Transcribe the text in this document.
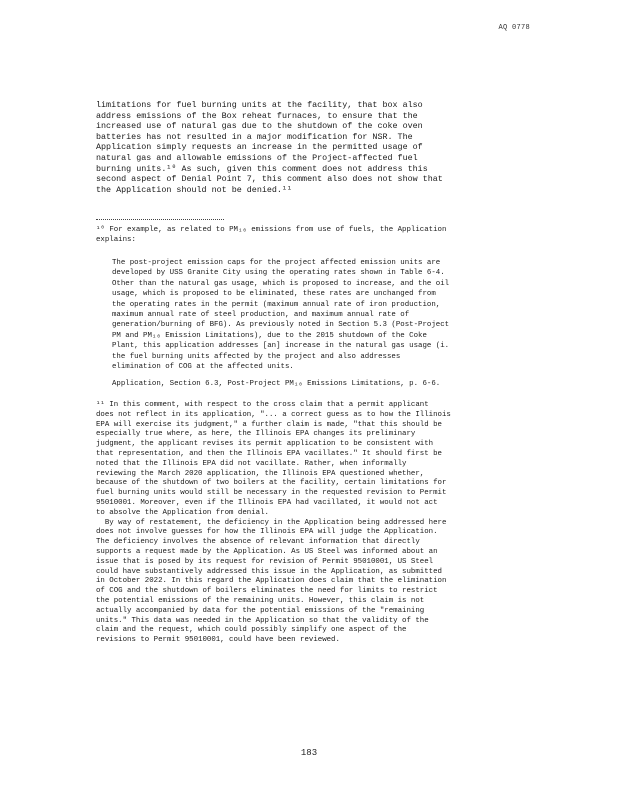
AQ 0778

limitations for fuel burning units at the facility, that box also
address emissions of the Box reheat furnaces, to ensure that the
increased use of natural gas due to the shutdown of the coke oven
batteries has not resulted in a major modification for NSR. The
Application simply requests an increase in the permitted usage of
natural gas and allowable emissions of the Project-affected fuel
burning units.¹⁰ As such, given this comment does not address this
second aspect of Denial Point 7, this comment also does not show that
the Application should not be denied.¹¹

¹⁰ For example, as related to PM₁₀ emissions from use of fuels, the Application
explains:

The post-project emission caps for the project affected emission units are
developed by USS Granite City using the operating rates shown in Table 6-4.
Other than the natural gas usage, which is proposed to increase, and the oil
usage, which is proposed to be eliminated, these rates are unchanged from
the operating rates in the permit (maximum annual rate of iron production,
maximum annual rate of steel production, and maximum annual rate of
generation/burning of BFG). As previously noted in Section 5.3 (Post-Project
PM and PM₁₀ Emission Limitations), due to the 2015 shutdown of the Coke
Plant, this application addresses [an] increase in the natural gas usage (i.
the fuel burning units affected by the project and also addresses
elimination of COG at the affected units.

Application, Section 6.3, Post-Project PM₁₀ Emissions Limitations, p. 6-6.

¹¹ In this comment, with respect to the cross claim that a permit applicant
does not reflect in its application, "... a correct guess as to how the Illinois
EPA will exercise its judgment," a further claim is made, "that this should be
especially true where, as here, the Illinois EPA changes its preliminary
judgment, the applicant revises its permit application to be consistent with
that representation, and then the Illinois EPA vacillates." It should first be
noted that the Illinois EPA did not vacillate. Rather, when informally
reviewing the March 2020 application, the Illinois EPA questioned whether,
because of the shutdown of two boilers at the facility, certain limitations for
fuel burning units would still be necessary in the requested revision to Permit
95010001. Moreover, even if the Illinois EPA had vacillated, it would not act
to absolve the Application from denial.
By way of restatement, the deficiency in the Application being addressed here
does not involve guesses for how the Illinois EPA will judge the Application.
The deficiency involves the absence of relevant information that directly
supports a request made by the Application. As US Steel was informed about an
issue that is posed by its request for revision of Permit 95010001, US Steel
could have substantively addressed this issue in the Application, as submitted
in October 2022. In this regard the Application does claim that the elimination
of COG and the shutdown of boilers eliminates the need for limits to restrict
the potential emissions of the remaining units. However, this claim is not
actually accompanied by data for the potential emissions of the "remaining
units." This data was needed in the Application so that the validity of the
claim and the request, which could possibly simplify one aspect of the
revisions to Permit 95010001, could have been reviewed.

183
